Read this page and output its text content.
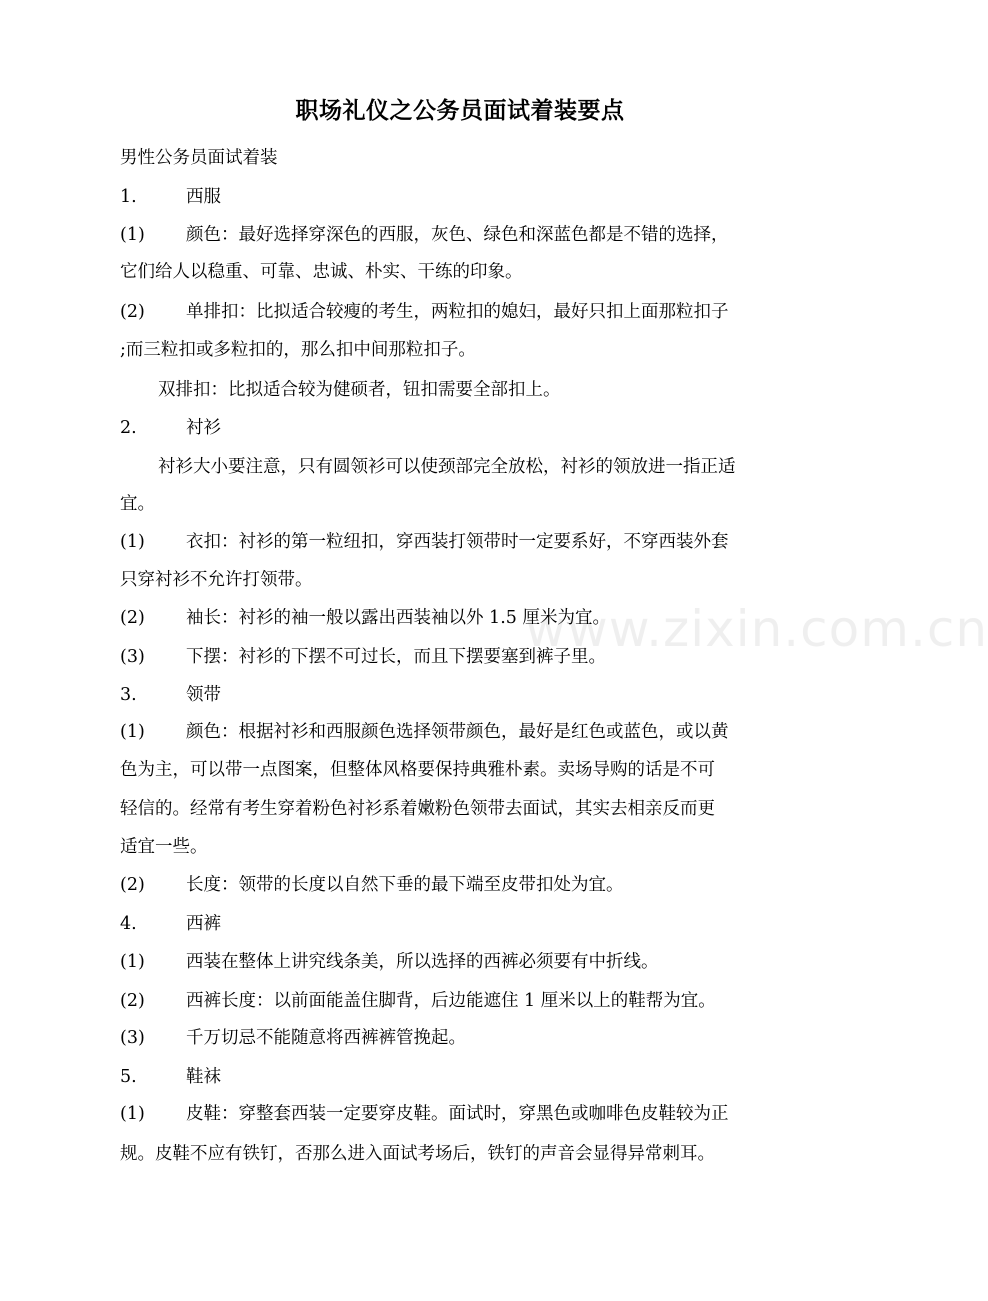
职场礼仪之公务员面试着装要点
男性公务员面试着装
1.	西服
(1) 颜色：最好选择穿深色的西服，灰色、绿色和深蓝色都是不错的选择，
它们给人以稳重、可靠、忠诚、朴实、干练的印象。
(2) 单排扣：比拟适合较瘦的考生，两粒扣的媳妇，最好只扣上面那粒扣子
;而三粒扣或多粒扣的，那么扣中间那粒扣子。
双排扣：比拟适合较为健硕者，钮扣需要全部扣上。
2.	衬衫
衬衫大小要注意，只有圆领衫可以使颈部完全放松，衬衫的领放进一指正适
宜。
(1) 衣扣：衬衫的第一粒纽扣，穿西装打领带时一定要系好，不穿西装外套
只穿衬衫不允许打领带。
(2) 袖长：衬衫的袖一般以露出西装袖以外 1.5 厘米为宜。
(3) 下摆：衬衫的下摆不可过长，而且下摆要塞到裤子里。
3.	领带
(1) 颜色：根据衬衫和西服颜色选择领带颜色，最好是红色或蓝色，或以黄
色为主，可以带一点图案，但整体风格要保持典雅朴素。卖场导购的话是不可
轻信的。经常有考生穿着粉色衬衫系着嫩粉色领带去面试，其实去相亲反而更
适宜一些。
(2) 长度：领带的长度以自然下垂的最下端至皮带扣处为宜。
4.	西裤
(1) 西装在整体上讲究线条美，所以选择的西裤必须要有中折线。
(2) 西裤长度：以前面能盖住脚背，后边能遮住 1 厘米以上的鞋帮为宜。
(3) 千万切忌不能随意将西裤裤管挽起。
5.	鞋袜
(1) 皮鞋：穿整套西装一定要穿皮鞋。面试时，穿黑色或咖啡色皮鞋较为正
规。皮鞋不应有铁钉，否那么进入面试考场后，铁钉的声音会显得异常刺耳。
www.zixin.com.cn
